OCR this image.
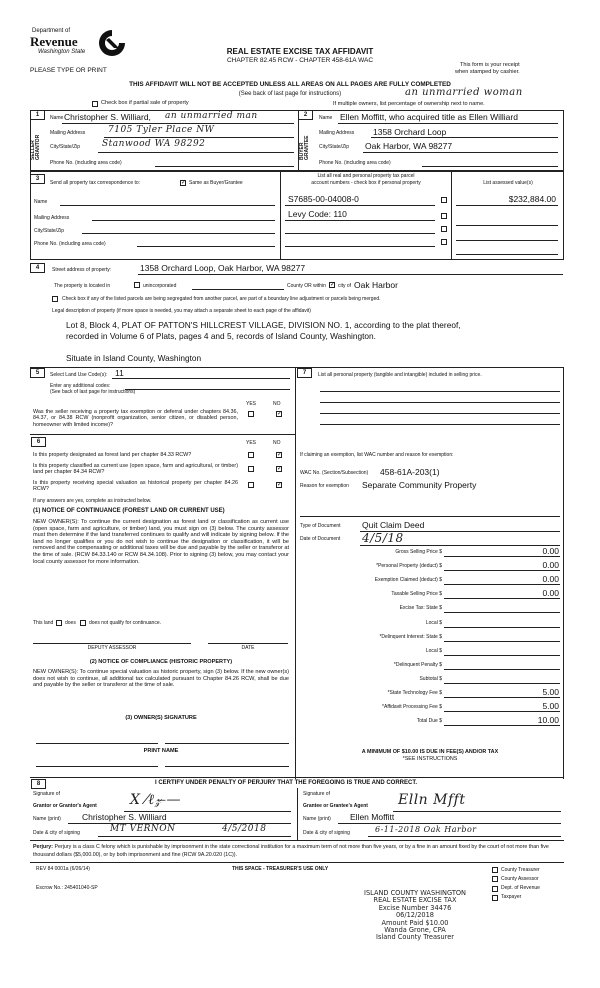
Department of
Revenue
Washington State
PLEASE TYPE OR PRINT
REAL ESTATE EXCISE TAX AFFIDAVIT
CHAPTER 82.45 RCW - CHAPTER 458-61A WAC
This form is your receipt
when stamped by cashier.
THIS AFFIDAVIT WILL NOT BE ACCEPTED UNLESS ALL AREAS ON ALL PAGES ARE FULLY COMPLETED
(See back of last page for instructions)
Check box if partial sale of property	If multiple owners, list percentage of ownership next to name.
an unmarried woman
1
SELLER
GRANTOR
Name Christopher S. Williard, an unmarried man
Mailing Address	7105 Tyler Place NW
City/State/Zip Stanwood WA 98292
Phone No. (including area code)
2
BUYER
GRANTEE
Name Ellen Moffitt, who acquired title as Ellen Williard
Mailing Address 1358 Orchard Loop
City/State/Zip Oak Harbor, WA 98277
Phone No. (including area code)
3
Send all property tax correspondence to:	✓ Same as Buyer/Grantee
List all real and personal property tax parcel
account numbers - check box if personal property	List assessed value(s)
Name
Mailing Address
City/State/Zip
Phone No. (including area code)
S7685-00-04008-0	$232,884.00
Levy Code: 110
4	Street address of property:	1358 Orchard Loop, Oak Harbor, WA 98277
The property is located in	unincorporated	County OR within ✓ city of Oak Harbor
Check box if any of the listed parcels are being segregated from another parcel, are part of a boundary line adjustment or parcels being merged.
Legal description of property (if more space is needed, you may attach a separate sheet to each page of the affidavit)
Lot 8, Block 4, PLAT OF PATTON'S HILLCREST VILLAGE, DIVISION NO. 1, according to the plat thereof,
recorded in Volume 6 of Plats, pages 4 and 5, records of Island County, Washington.
Situate in Island County, Washington
5	Select Land Use Code(s): 11
Enter any additional codes:
(See back of last page for instructions)
YES	NO
Was the seller receiving a property tax exemption or deferral under chapters 84.36, 84.37, or 84.38 RCW (nonprofit organization, senior citizen, or disabled person, homeowner with limited income)?
✓
6	YES	NO
Is this property designated as forest land per chapter 84.33 RCW?	✓
Is this property classified as current use (open space, farm and agricultural, or timber) land per chapter 84.34 RCW?
✓
Is this property receiving special valuation as historical property per chapter 84.26 RCW?
✓
If any answers are yes, complete as instructed below.
(1) NOTICE OF CONTINUANCE (FOREST LAND OR CURRENT USE)
NEW OWNER(S): To continue the current designation as forest land or classification as current use (open space, farm and agriculture, or timber) land, you must sign on (3) below. The county assessor must then determine if the land transferred continues to qualify and will indicate by signing below. If the land no longer qualifies or you do not wish to continue the designation or classification, it will be removed and the compensating or additional taxes will be due and payable by the seller or transferor at the time of sale. (RCW 84.33.140 or RCW 84.34.108). Prior to signing (3) below, you may contact your local county assessor for more information.
This land does	does not qualify for continuance.
DEPUTY ASSESSOR	DATE
(2) NOTICE OF COMPLIANCE (HISTORIC PROPERTY)
NEW OWNER(S): To continue special valuation as historic property, sign (3) below. If the new owner(s) does not wish to continue, all additional tax calculated pursuant to Chapter 84.26 RCW, shall be due and payable by the seller or transferor at the time of sale.
(3) OWNER(S) SIGNATURE
PRINT NAME
7	List all personal property (tangible and intangible) included in selling price.
If claiming an exemption, list WAC number and reason for exemption:
WAC No. (Section/Subsection) 458-61A-203(1)
Reason for exemption Separate Community Property
Type of Document	Quit Claim Deed
Date of Document 4/5/18
Gross Selling Price $	0.00
*Personal Property (deduct) $	0.00
Exemption Claimed (deduct) $	0.00
Taxable Selling Price $	0.00
Excise Tax: State $
Local $
*Delinquent Interest: State $
Local $
*Delinquent Penalty $
Subtotal $
*State Technology Fee $	5.00
*Affidavit Processing Fee $	5.00
Total Due $	10.00
A MINIMUM OF $10.00 IS DUE IN FEE(S) AND/OR TAX
*SEE INSTRUCTIONS
8	I CERTIFY UNDER PENALTY OF PERJURY THAT THE FOREGOING IS TRUE AND CORRECT.
Signature of
Grantor or Grantor's Agent X ⁄ℓ𝓏 ̶—
Name (print) Christopher S. Williard
Date & city of signing	MT VERNON	4/5/2018
Signature of
Grantee or Grantee's Agent Elln Mfft
Name (print) Ellen Moffitt
Date & city of signing	6-11-2018 Oak Harbor
Perjury: Perjury is a class C felony which is punishable by imprisonment in the state correctional institution for a maximum term of not more than five years, or by a fine in an amount fixed by the court of not more than five thousand dollars ($5,000.00), or by both imprisonment and fine (RCW 9A.20.020 (1C)).
REV 84 0001a (6/26/14)	THIS SPACE - TREASURER'S USE ONLY
Escrow No.: 245401040-SP
County Treasurer
County Assessor
Dept. of Revenue
Taxpayer
ISLAND COUNTY WASHINGTON
REAL ESTATE EXCISE TAX
Excise Number 34476
06/12/2018
Amount Paid $10.00
Wanda Grone, CPA
Island County Treasurer
